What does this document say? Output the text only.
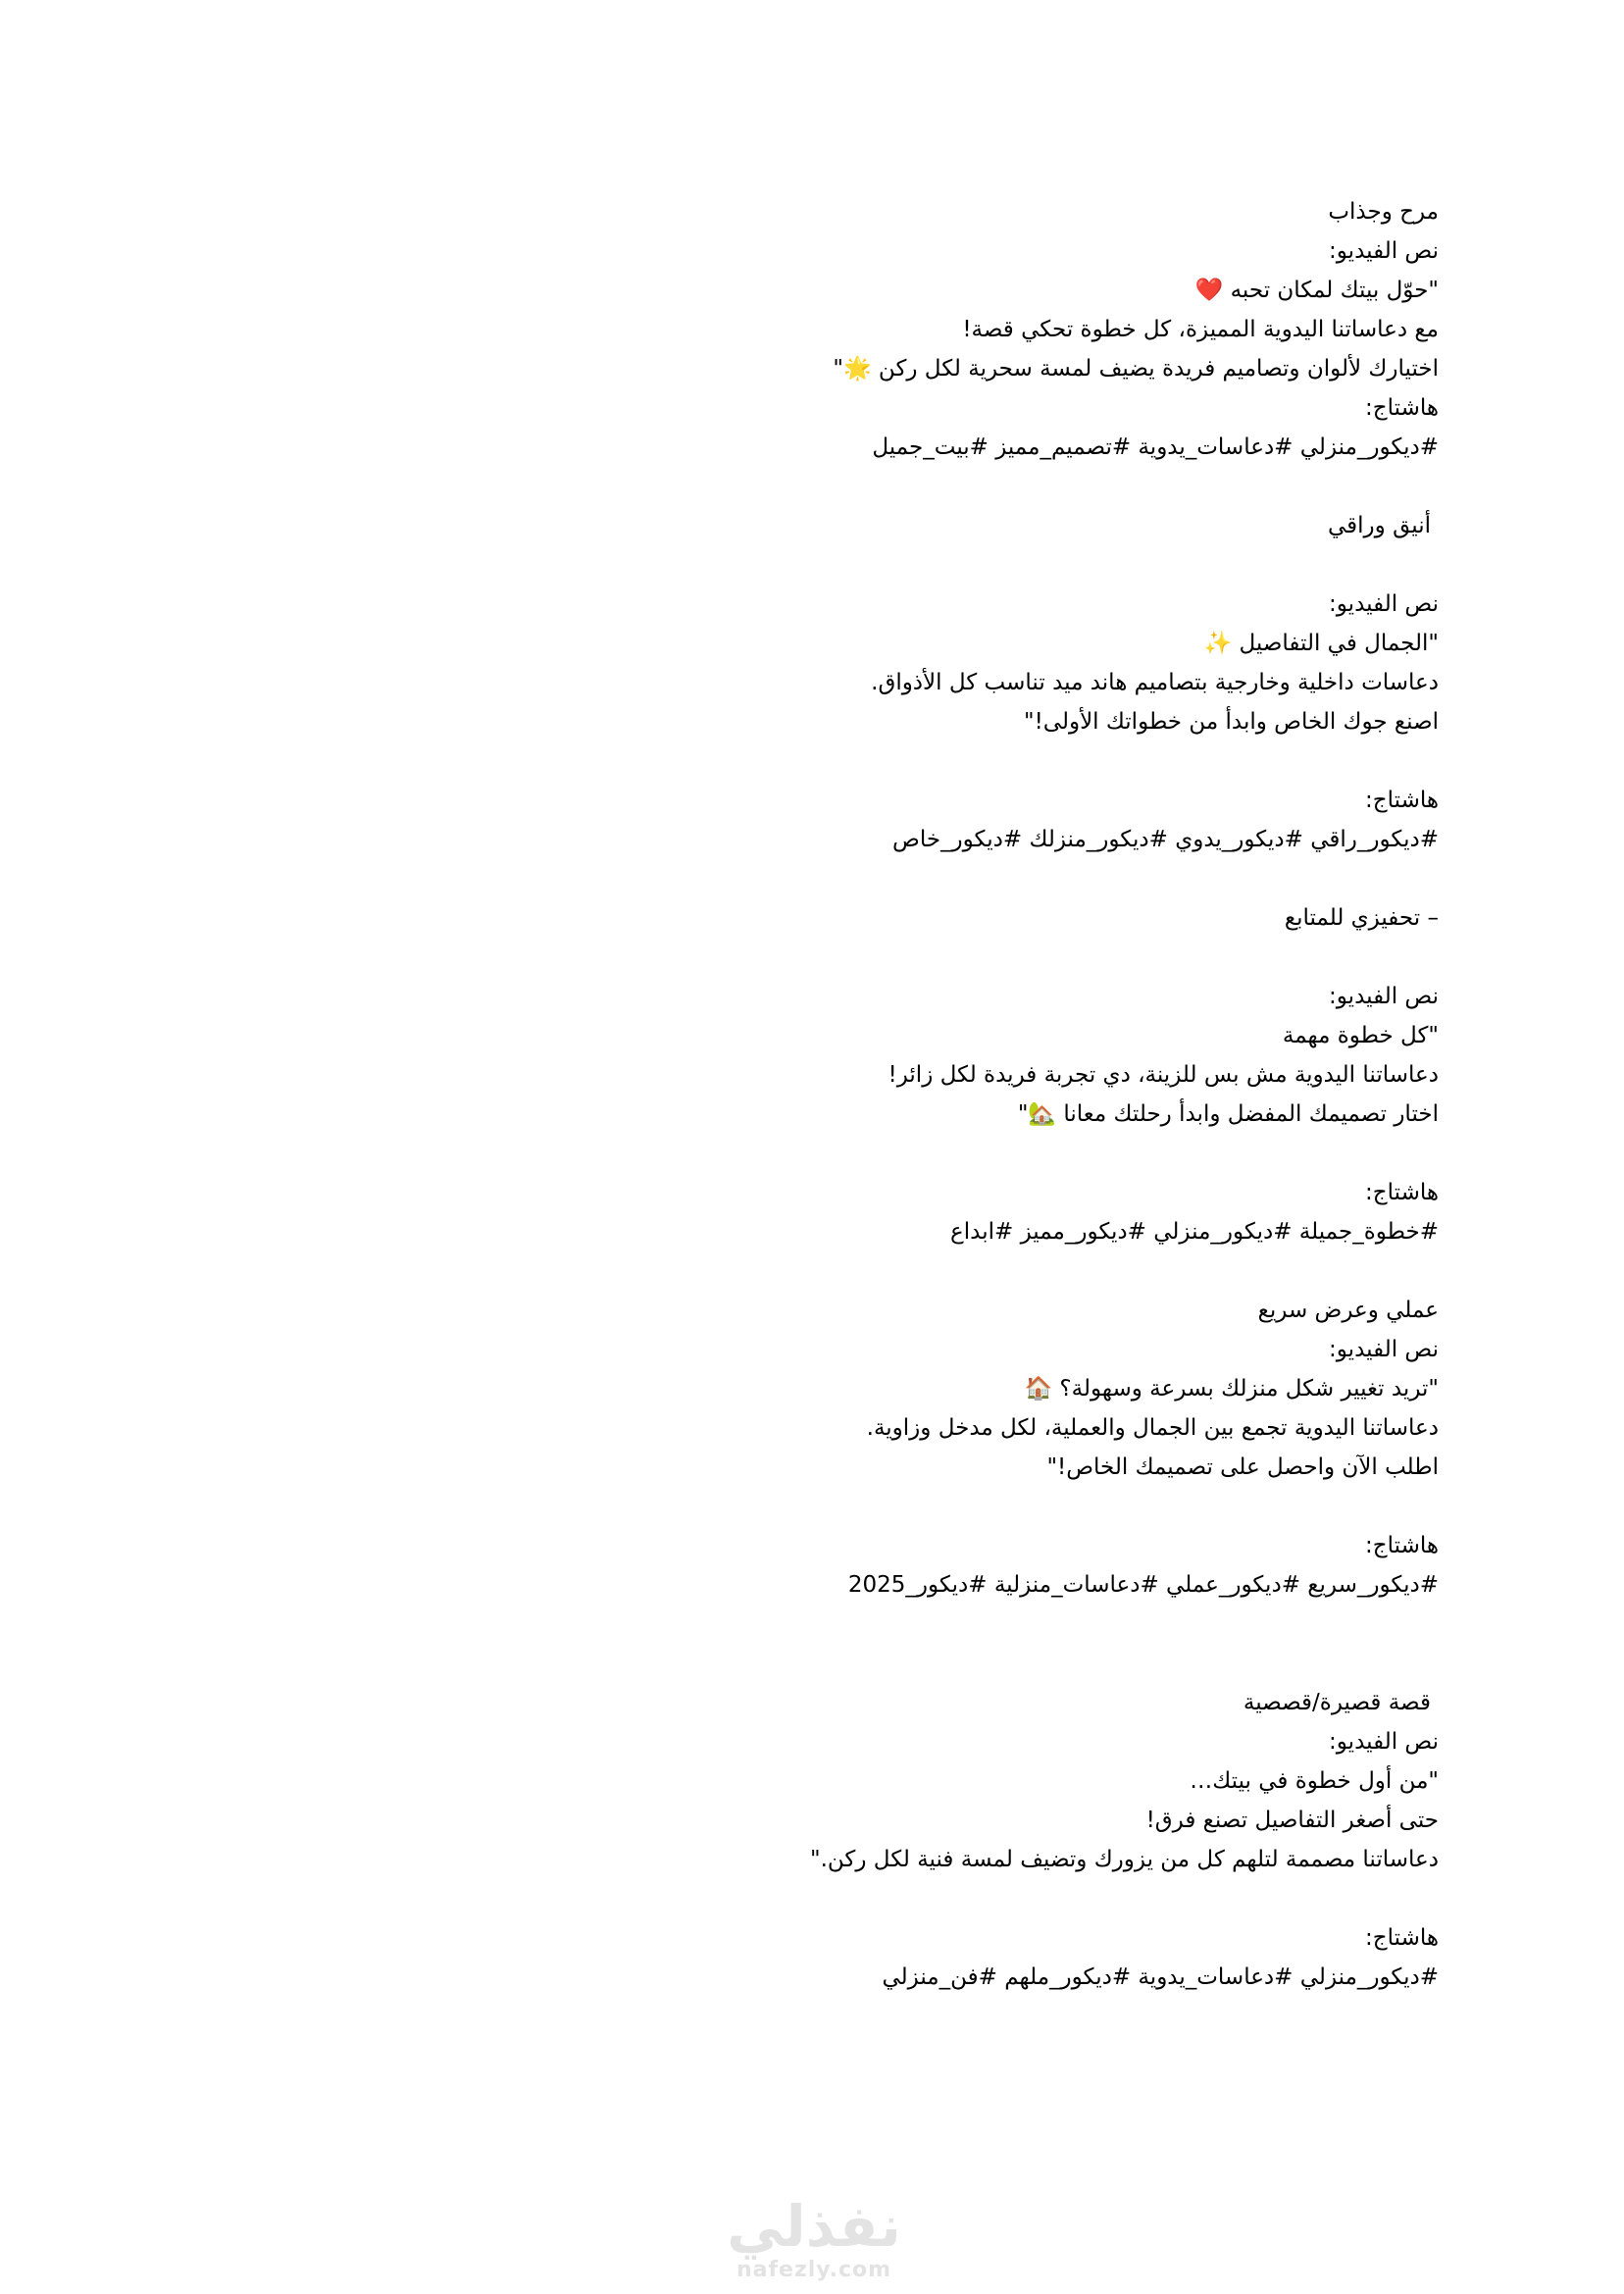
مرح وجذاب
نص الفيديو:
"حوّل بيتك لمكان تحبه ❤️
مع دعاساتنا اليدوية المميزة، كل خطوة تحكي قصة!
اختيارك لألوان وتصاميم فريدة يضيف لمسة سحرية لكل ركن 🌟"
هاشتاج:
#ديكور_منزلي #دعاسات_يدوية #تصميم_مميز #بيت_جميل
أنيق وراقي
نص الفيديو:
"الجمال في التفاصيل ✨
دعاسات داخلية وخارجية بتصاميم هاند ميد تناسب كل الأذواق.
اصنع جوك الخاص وابدأ من خطواتك الأولى!"
هاشتاج:
#ديكور_راقي #ديكور_يدوي #ديكور_منزلك #ديكور_خاص
– تحفيزي للمتابع
نص الفيديو:
"كل خطوة مهمة
دعاساتنا اليدوية مش بس للزينة، دي تجربة فريدة لكل زائر!
اختار تصميمك المفضل وابدأ رحلتك معانا 🏡"
هاشتاج:
#خطوة_جميلة #ديكور_منزلي #ديكور_مميز #ابداع
عملي وعرض سريع
نص الفيديو:
"تريد تغيير شكل منزلك بسرعة وسهولة؟ 🏠
دعاساتنا اليدوية تجمع بين الجمال والعملية، لكل مدخل وزاوية.
اطلب الآن واحصل على تصميمك الخاص!"
هاشتاج:
#ديكور_سريع #ديكور_عملي #دعاسات_منزلية #ديكور_2025
قصة قصيرة/قصصية
نص الفيديو:
"من أول خطوة في بيتك…
حتى أصغر التفاصيل تصنع فرق!
دعاساتنا مصممة لتلهم كل من يزورك وتضيف لمسة فنية لكل ركن."
هاشتاج:
#ديكور_منزلي #دعاسات_يدوية #ديكور_ملهم #فن_منزلي
نفذلي
nafezly.com
